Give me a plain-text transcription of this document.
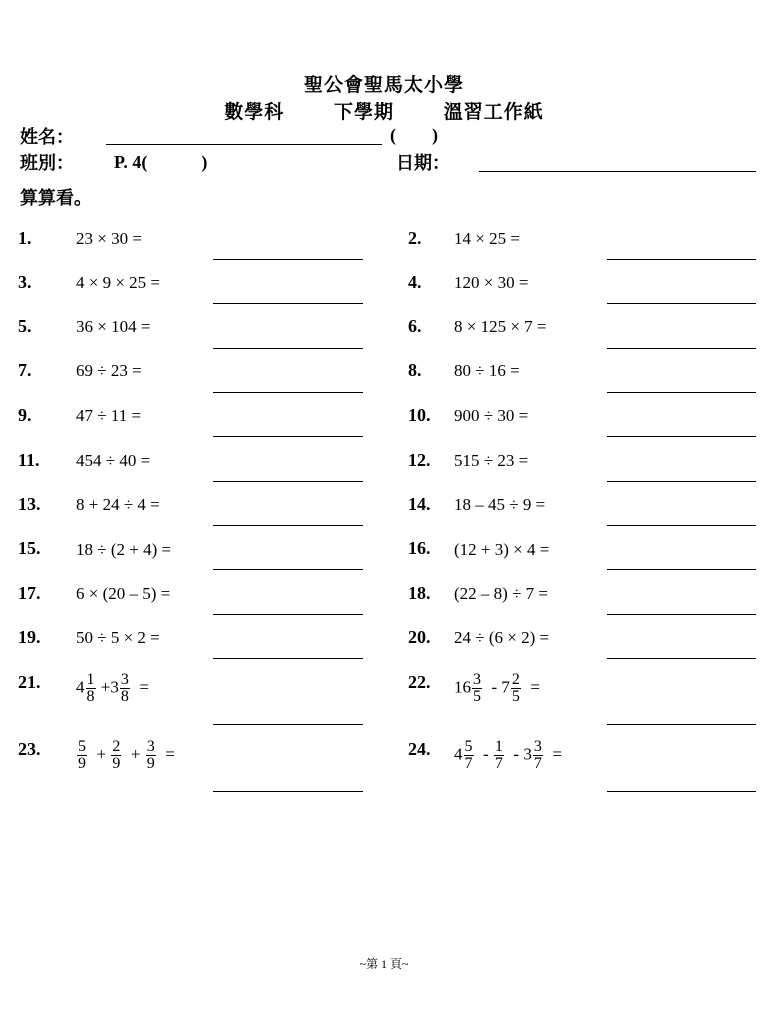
聖公會聖馬太小學
數學科	下學期	溫習工作紙
姓名：	(　　)
班別： P. 4(　　　)	日期：
算算看。
1.	23 × 30 =	2. 14 × 25 =
3.	4 × 9 × 25 =	4. 120 × 30 =
5.	36 × 104 =	6. 8 × 125 × 7 =
7.	69 ÷ 23 =	8. 80 ÷ 16 =
9.	47 ÷ 11 =	10. 900 ÷ 30 =
11. 454 ÷ 40 =	12. 515 ÷ 23 =
13. 8 + 24 ÷ 4 =	14. 18 – 45 ÷ 9 =
15. 18 ÷ (2 + 4) =	16. (12 + 3) × 4 =
17. 6 × (20 – 5) =	18. (22 – 8) ÷ 7 =
19. 50 ÷ 5 × 2 =	20. 24 ÷ (6 × 2) =
21. $4 \frac{1}{8} +3 \frac{3}{8}$ =	22. $16 \frac{3}{5} - 7 \frac{2}{5}$ =
23. $\frac{5}{9} + \frac{2}{9} + \frac{3}{9}$ =	24. $4 \frac{5}{7} - \frac{1}{7} - 3 \frac{3}{7}$ =
~第 1 頁~
